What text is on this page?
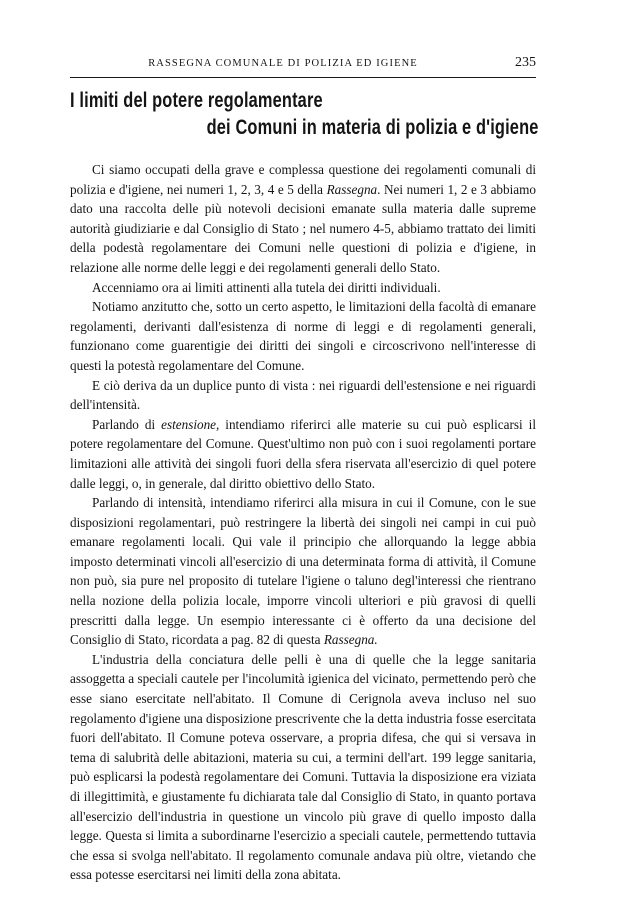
RASSEGNA COMUNALE DI POLIZIA ED IGIENE	235
I limiti del potere regolamentare
dei Comuni in materia di polizia e d'igiene

Ci siamo occupati della grave e complessa questione dei regolamenti comunali di polizia e d'igiene, nei numeri 1, 2, 3, 4 e 5 della Rassegna. Nei numeri 1, 2 e 3 abbiamo dato una raccolta delle più notevoli decisioni emanate sulla materia dalle supreme autorità giudiziarie e dal Consiglio di Stato ; nel numero 4-5, abbiamo trattato dei limiti della podestà regolamentare dei Comuni nelle questioni di polizia e d'igiene, in relazione alle norme delle leggi e dei regolamenti generali dello Stato.

Accenniamo ora ai limiti attinenti alla tutela dei diritti individuali.

Notiamo anzitutto che, sotto un certo aspetto, le limitazioni della facoltà di emanare regolamenti, derivanti dall'esistenza di norme di leggi e di regolamenti generali, funzionano come guarentigie dei diritti dei singoli e circoscrivono nell'interesse di questi la potestà regolamentare del Comune.

E ciò deriva da un duplice punto di vista : nei riguardi dell'estensione e nei riguardi dell'intensità.

Parlando di estensione, intendiamo riferirci alle materie su cui può esplicarsi il potere regolamentare del Comune. Quest'ultimo non può con i suoi regolamenti portare limitazioni alle attività dei singoli fuori della sfera riservata all'esercizio di quel potere dalle leggi, o, in generale, dal diritto obiettivo dello Stato.

Parlando di intensità, intendiamo riferirci alla misura in cui il Comune, con le sue disposizioni regolamentari, può restringere la libertà dei singoli nei campi in cui può emanare regolamenti locali. Qui vale il principio che allorquando la legge abbia imposto determinati vincoli all'esercizio di una determinata forma di attività, il Comune non può, sia pure nel proposito di tutelare l'igiene o taluno degl'interessi che rientrano nella nozione della polizia locale, imporre vincoli ulteriori e più gravosi di quelli prescritti dalla legge. Un esempio interessante ci è offerto da una decisione del Consiglio di Stato, ricordata a pag. 82 di questa Rassegna.

L'industria della conciatura delle pelli è una di quelle che la legge sanitaria assoggetta a speciali cautele per l'incolumità igienica del vicinato, permettendo però che esse siano esercitate nell'abitato. Il Comune di Cerignola aveva incluso nel suo regolamento d'igiene una disposizione prescrivente che la detta industria fosse esercitata fuori dell'abitato. Il Comune poteva osservare, a propria difesa, che qui si versava in tema di salubrità delle abitazioni, materia su cui, a termini dell'art. 199 legge sanitaria, può esplicarsi la podestà regolamentare dei Comuni. Tuttavia la disposizione era viziata di illegittimità, e giustamente fu dichiarata tale dal Consiglio di Stato, in quanto portava all'esercizio dell'industria in questione un vincolo più grave di quello imposto dalla legge. Questa si limita a subordinarne l'esercizio a speciali cautele, permettendo tuttavia che essa si svolga nell'abitato. Il regolamento comunale andava più oltre, vietando che essa potesse esercitarsi nei limiti della zona abitata.
